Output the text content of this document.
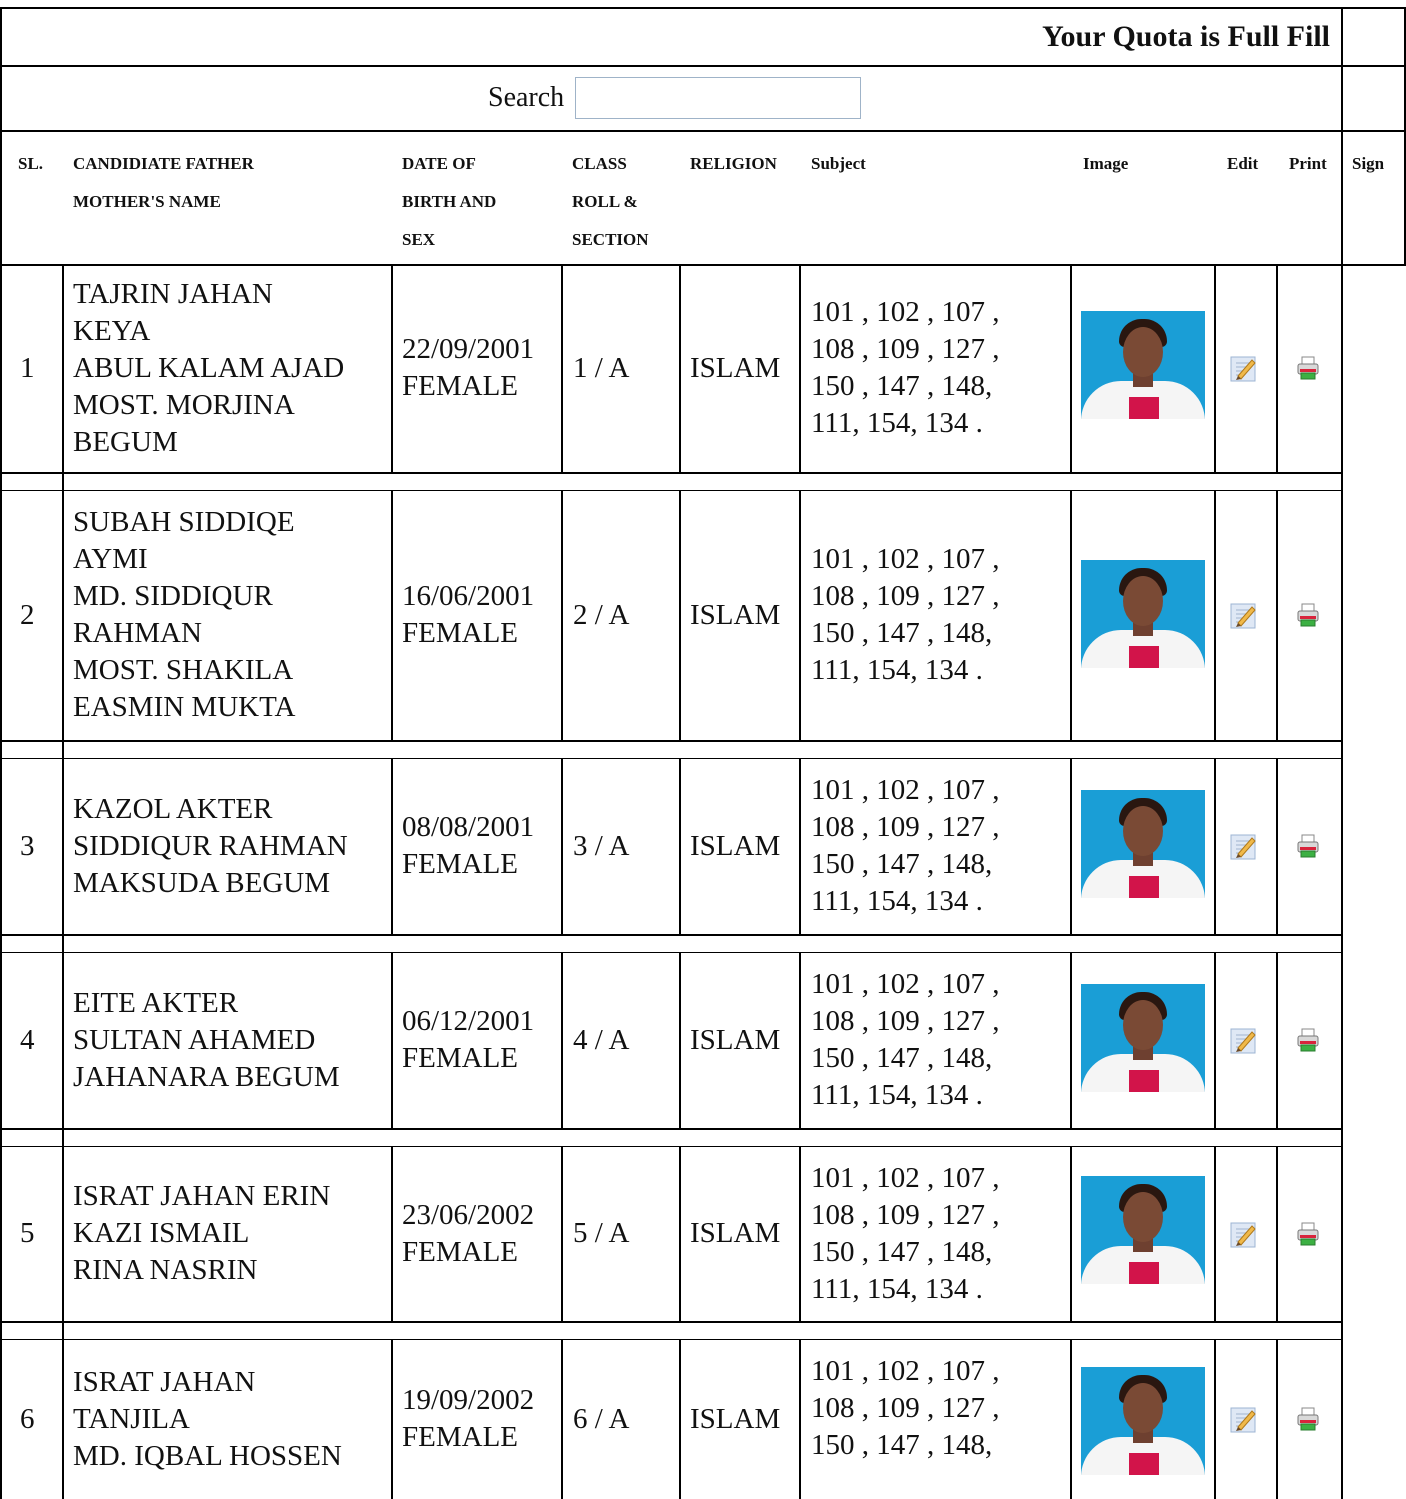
Your Quota is Full Fill
Search
SL. CANDIDIATE FATHER
MOTHER'S NAME
DATE OF
BIRTH AND
SEX
CLASS
ROLL &
SECTION
RELIGION Subject	Image	Edit Print Sign
1
TAJRIN JAHAN
KEYA
ABUL KALAM AJAD
MOST. MORJINA
BEGUM
22/09/2001
FEMALE
1 / A ISLAM
101 , 102 , 107 ,
108 , 109 , 127 ,
150 , 147 , 148,
111, 154, 134 .
2
SUBAH SIDDIQE
AYMI
MD. SIDDIQUR
RAHMAN
MOST. SHAKILA
EASMIN MUKTA
16/06/2001
FEMALE
2 / A ISLAM
101 , 102 , 107 ,
108 , 109 , 127 ,
150 , 147 , 148,
111, 154, 134 .
3
KAZOL AKTER
SIDDIQUR RAHMAN
MAKSUDA BEGUM
08/08/2001
FEMALE
3 / A ISLAM
101 , 102 , 107 ,
108 , 109 , 127 ,
150 , 147 , 148,
111, 154, 134 .
4
EITE AKTER
SULTAN AHAMED
JAHANARA BEGUM
06/12/2001
FEMALE
4 / A ISLAM
101 , 102 , 107 ,
108 , 109 , 127 ,
150 , 147 , 148,
111, 154, 134 .
5
ISRAT JAHAN ERIN
KAZI ISMAIL
RINA NASRIN
23/06/2002
FEMALE
5 / A ISLAM
101 , 102 , 107 ,
108 , 109 , 127 ,
150 , 147 , 148,
111, 154, 134 .
6
ISRAT JAHAN
TANJILA
MD. IQBAL HOSSEN
19/09/2002
FEMALE
6 / A ISLAM
101 , 102 , 107 ,
108 , 109 , 127 ,
150 , 147 , 148,
